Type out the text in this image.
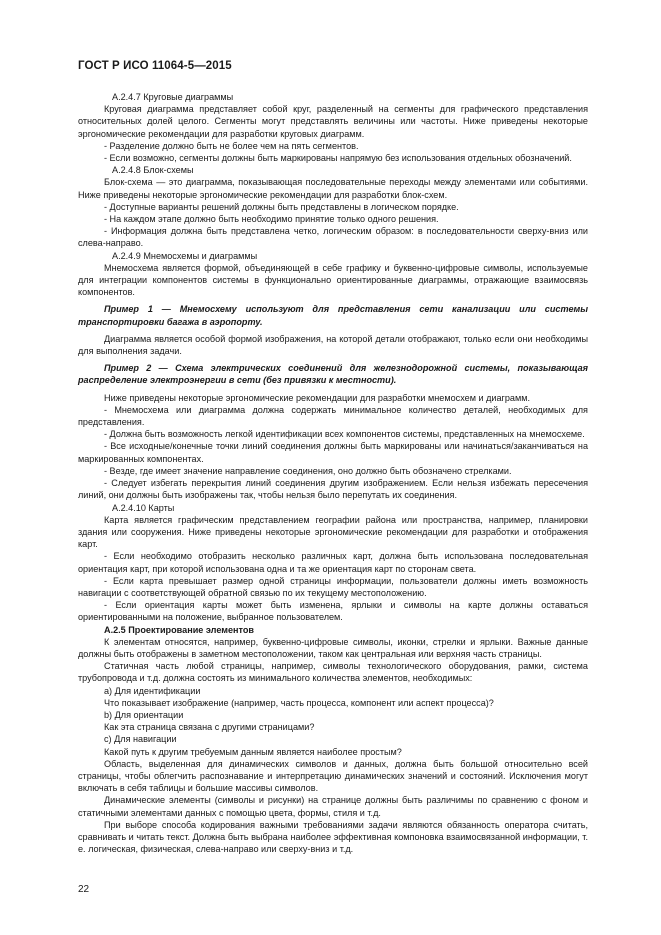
ГОСТ Р ИСО 11064-5—2015

А.2.4.7 Круговые диаграммы

Круговая диаграмма представляет собой круг, разделенный на сегменты для графического представления относительных долей целого. Сегменты могут представлять величины или частоты. Ниже приведены некоторые эргономические рекомендации для разработки круговых диаграмм.

- Разделение должно быть не более чем на пять сегментов.

- Если возможно, сегменты должны быть маркированы напрямую без использования отдельных обозначений.

А.2.4.8 Блок-схемы

Блок-схема — это диаграмма, показывающая последовательные переходы между элементами или событиями. Ниже приведены некоторые эргономические рекомендации для разработки блок-схем.

- Доступные варианты решений должны быть представлены в логическом порядке.

- На каждом этапе должно быть необходимо принятие только одного решения.

- Информация должна быть представлена четко, логическим образом: в последовательности сверху-вниз или слева-направо.

А.2.4.9 Мнемосхемы и диаграммы

Мнемосхема является формой, объединяющей в себе графику и буквенно-цифровые символы, используемые для интеграции компонентов системы в функционально ориентированные диаграммы, отражающие взаимосвязь компонентов.

Пример 1 — Мнемосхему используют для представления сети канализации или системы транспортировки багажа в аэропорту.

Диаграмма является особой формой изображения, на которой детали отображают, только если они необходимы для выполнения задачи.

Пример 2 — Схема электрических соединений для железнодорожной системы, показывающая распределение электроэнергии в сети (без привязки к местности).

Ниже приведены некоторые эргономические рекомендации для разработки мнемосхем и диаграмм.

- Мнемосхема или диаграмма должна содержать минимальное количество деталей, необходимых для представления.

- Должна быть возможность легкой идентификации всех компонентов системы, представленных на мнемосхеме.

- Все исходные/конечные точки линий соединения должны быть маркированы или начинаться/заканчиваться на маркированных компонентах.

- Везде, где имеет значение направление соединения, оно должно быть обозначено стрелками.

- Следует избегать перекрытия линий соединения другим изображением. Если нельзя избежать пересечения линий, они должны быть изображены так, чтобы нельзя было перепутать их соединения.

А.2.4.10 Карты

Карта является графическим представлением географии района или пространства, например, планировки здания или сооружения. Ниже приведены некоторые эргономические рекомендации для разработки и отображения карт.

- Если необходимо отобразить несколько различных карт, должна быть использована последовательная ориентация карт, при которой использована одна и та же ориентация карт по сторонам света.

- Если карта превышает размер одной страницы информации, пользователи должны иметь возможность навигации с соответствующей обратной связью по их текущему местоположению.

- Если ориентация карты может быть изменена, ярлыки и символы на карте должны оставаться ориентированными на положение, выбранное пользователем.

А.2.5 Проектирование элементов

К элементам относятся, например, буквенно-цифровые символы, иконки, стрелки и ярлыки. Важные данные должны быть отображены в заметном местоположении, таком как центральная или верхняя часть страницы.

Статичная часть любой страницы, например, символы технологического оборудования, рамки, система трубопровода и т.д. должна состоять из минимального количества элементов, необходимых:

а) Для идентификации

Что показывает изображение (например, часть процесса, компонент или аспект процесса)?

b) Для ориентации

Как эта страница связана с другими страницами?

c) Для навигации

Какой путь к другим требуемым данным является наиболее простым?

Область, выделенная для динамических символов и данных, должна быть большой относительно всей страницы, чтобы облегчить распознавание и интерпретацию динамических значений и состояний. Исключения могут включать в себя таблицы и большие массивы символов.

Динамические элементы (символы и рисунки) на странице должны быть различимы по сравнению с фоном и статичными элементами данных с помощью цвета, формы, стиля и т.д.

При выборе способа кодирования важными требованиями задачи являются обязанность оператора считать, сравнивать и читать текст. Должна быть выбрана наиболее эффективная компоновка взаимосвязанной информации, т. е. логическая, физическая, слева-направо или сверху-вниз и т.д.

22
